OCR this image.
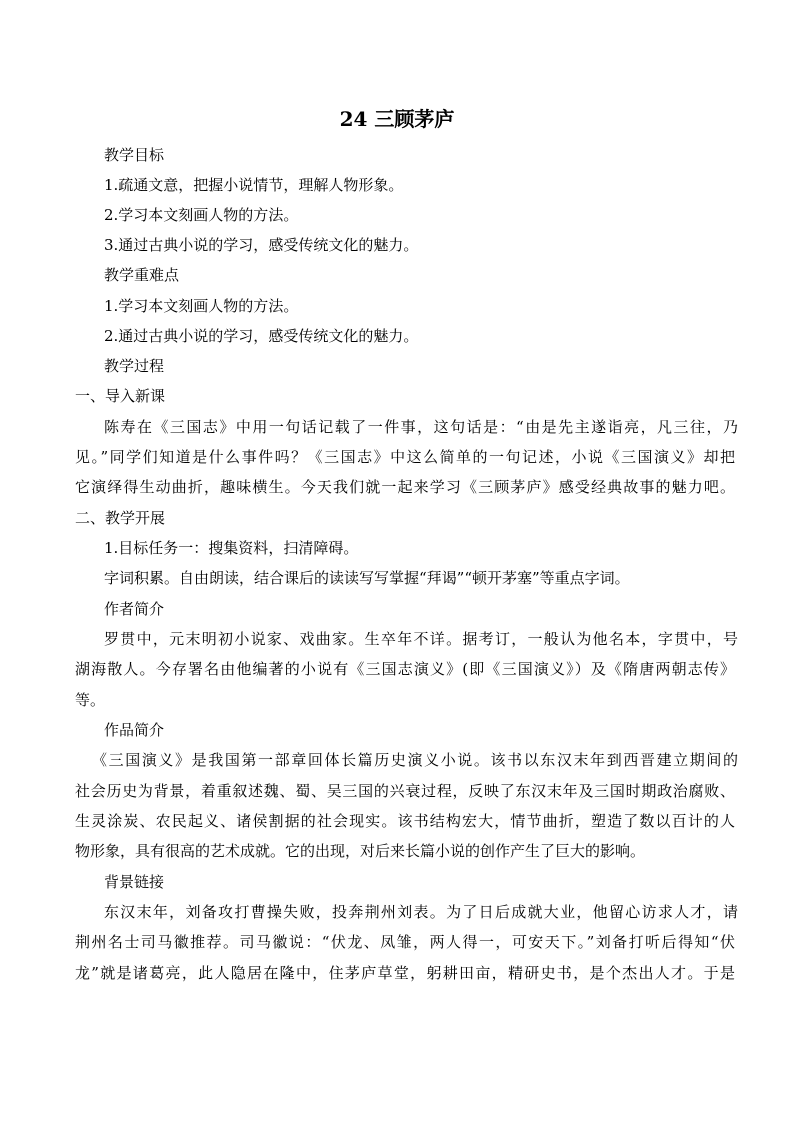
24 三顾茅庐
教学目标
1.疏通文意，把握小说情节，理解人物形象。
2.学习本文刻画人物的方法。
3.通过古典小说的学习，感受传统文化的魅力。
教学重难点
1.学习本文刻画人物的方法。
2.通过古典小说的学习，感受传统文化的魅力。
教学过程
一、导入新课
陈寿在《三国志》中用一句话记载了一件事，这句话是：“由是先主遂诣亮，凡三往，乃
见。”同学们知道是什么事件吗？《三国志》中这么简单的一句记述，小说《三国演义》却把
它演绎得生动曲折，趣味横生。今天我们就一起来学习《三顾茅庐》感受经典故事的魅力吧。
二、教学开展
1.目标任务一：搜集资料，扫清障碍。
字词积累。自由朗读，结合课后的读读写写掌握“拜谒”“顿开茅塞”等重点字词。
作者简介
罗贯中，元末明初小说家、戏曲家。生卒年不详。据考订，一般认为他名本，字贯中，号
湖海散人。今存署名由他编著的小说有《三国志演义》(即《三国演义》）及《隋唐两朝志传》
等。
作品简介
《三国演义》是我国第一部章回体长篇历史演义小说。该书以东汉末年到西晋建立期间的
社会历史为背景，着重叙述魏、蜀、吴三国的兴衰过程，反映了东汉末年及三国时期政治腐败、
生灵涂炭、农民起义、诸侯割据的社会现实。该书结构宏大，情节曲折，塑造了数以百计的人
物形象，具有很高的艺术成就。它的出现，对后来长篇小说的创作产生了巨大的影响。
背景链接
东汉末年，刘备攻打曹操失败，投奔荆州刘表。为了日后成就大业，他留心访求人才，请
荆州名士司马徽推荐。司马徽说：“伏龙、凤雏，两人得一，可安天下。”刘备打听后得知“伏
龙”就是诸葛亮，此人隐居在隆中，住茅庐草堂，躬耕田亩，精研史书，是个杰出人才。于是
